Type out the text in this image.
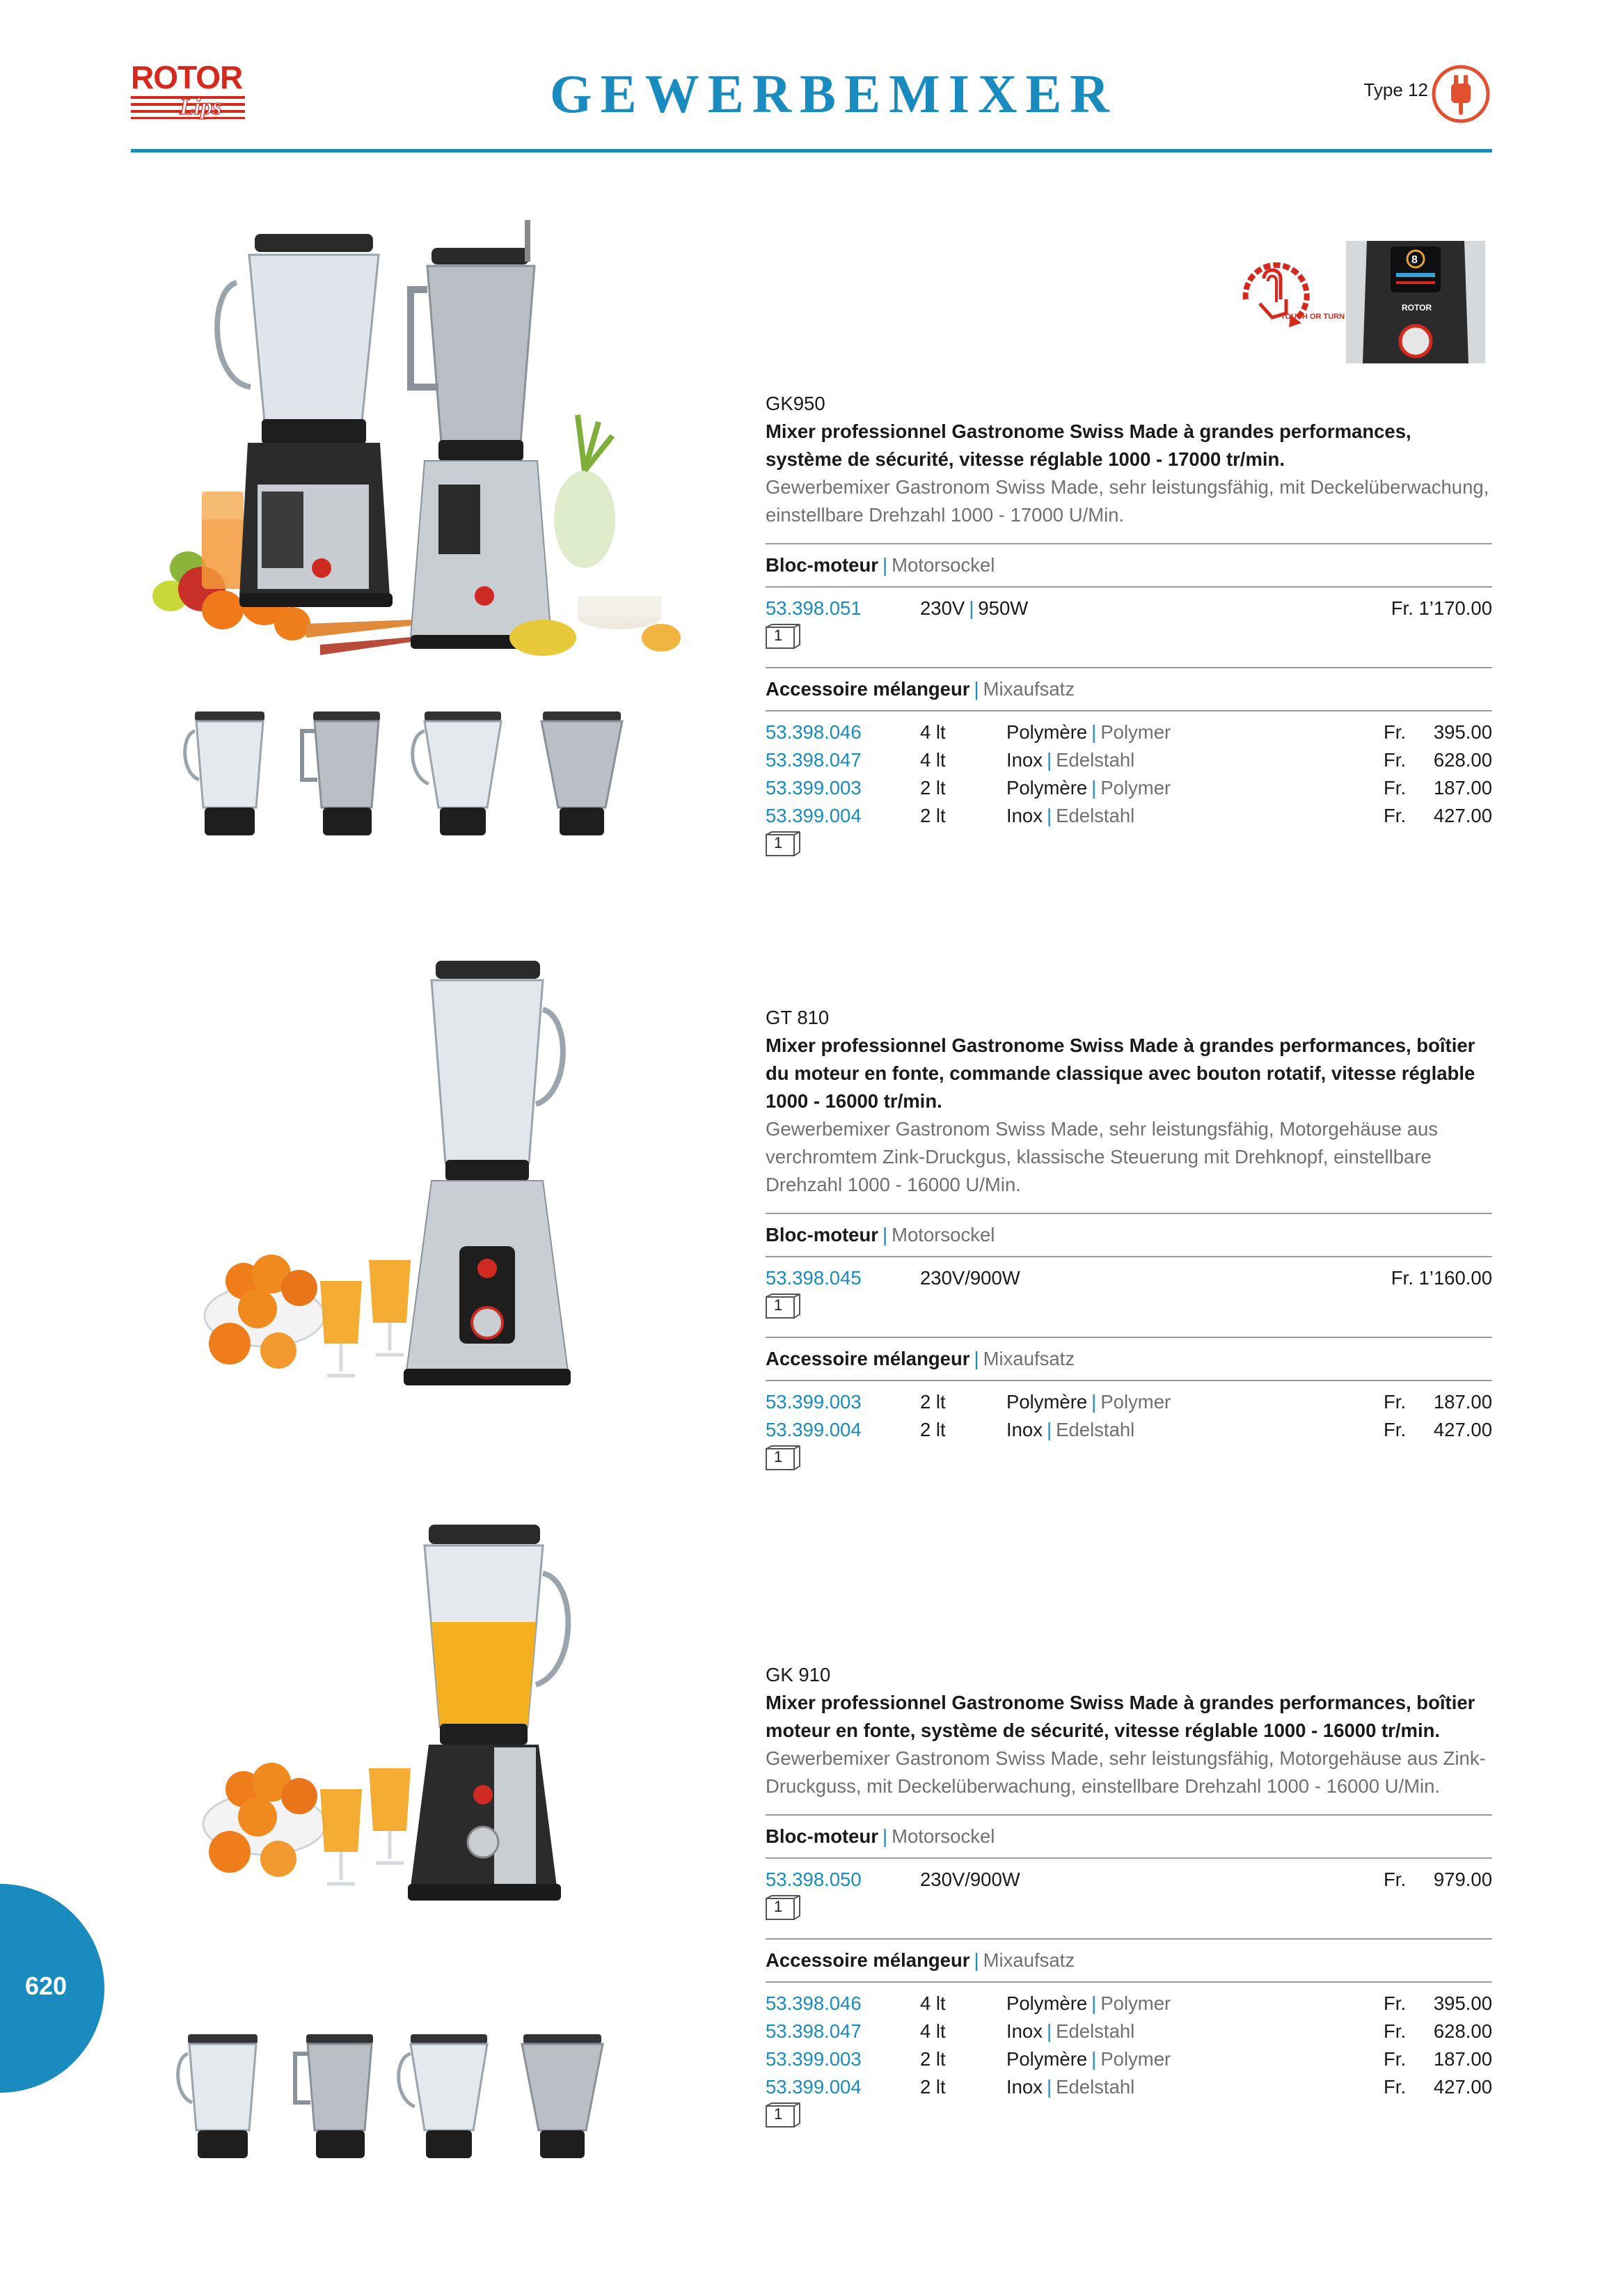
ROTOR
Lips	GEWERBEMIXER	Type 12
TOUCH OR TURN
8
ROTOR
GK950
Mixer professionnel Gastronome Swiss Made à grandes performances, système de sécurité, vitesse réglable 1000 - 17000 tr/min.
Gewerbemixer Gastronom Swiss Made, sehr leistungsfähig, mit Deckelüberwachung, einstellbare Drehzahl 1000 - 17000 U/Min.
Bloc-moteur | Motorsockel
53.398.051	230V | 950W	Fr. 1’170.00
1
Accessoire mélangeur | Mixaufsatz
53.398.046	4 lt	Polymère | Polymer	Fr. 395.00
53.398.047	4 lt	Inox | Edelstahl	Fr. 628.00
53.399.003	2 lt	Polymère | Polymer	Fr. 187.00
53.399.004	2 lt	Inox | Edelstahl	Fr. 427.00
1
GT 810
Mixer professionnel Gastronome Swiss Made à grandes performances, boîtier du moteur en fonte, commande classique avec bouton rotatif, vitesse réglable 1000 - 16000 tr/min.
Gewerbemixer Gastronom Swiss Made, sehr leistungsfähig, Motorgehäuse aus verchromtem Zink-Druckgus, klassische Steuerung mit Drehknopf, einstellbare Drehzahl 1000 - 16000 U/Min.
Bloc-moteur | Motorsockel
53.398.045	230V/900W	Fr. 1’160.00
1
Accessoire mélangeur | Mixaufsatz
53.399.003	2 lt	Polymère | Polymer	Fr. 187.00
53.399.004	2 lt	Inox | Edelstahl	Fr. 427.00
1
GK 910
Mixer professionnel Gastronome Swiss Made à grandes performances, boîtier moteur en fonte, système de sécurité, vitesse réglable 1000 - 16000 tr/min.
Gewerbemixer Gastronom Swiss Made, sehr leistungsfähig, Motorgehäuse aus Zink-Druckguss, mit Deckelüberwachung, einstellbare Drehzahl 1000 - 16000 U/Min.
Bloc-moteur | Motorsockel
53.398.050	230V/900W	Fr. 979.00
1
Accessoire mélangeur | Mixaufsatz
53.398.046	4 lt	Polymère | Polymer	Fr. 395.00
53.398.047	4 lt	Inox | Edelstahl	Fr. 628.00
53.399.003	2 lt	Polymère | Polymer	Fr. 187.00
53.399.004	2 lt	Inox | Edelstahl	Fr. 427.00
1
620
